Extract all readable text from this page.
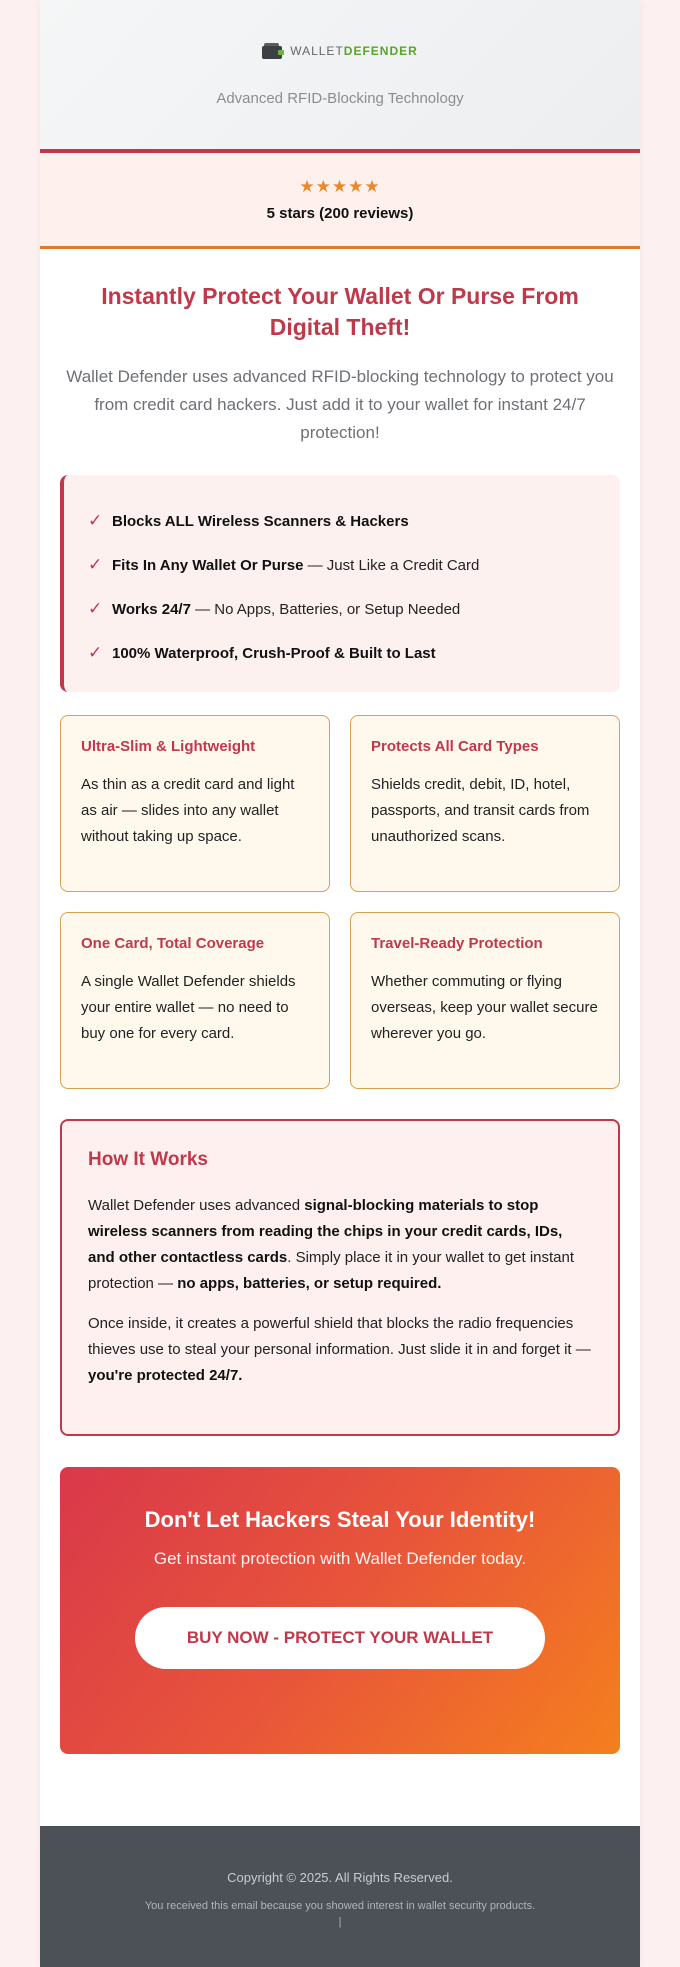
WALLETDEFENDER
Advanced RFID-Blocking Technology
★★★★★
5 stars (200 reviews)
Instantly Protect Your Wallet Or Purse From Digital Theft!
Wallet Defender uses advanced RFID-blocking technology to protect you from credit card hackers. Just add it to your wallet for instant 24/7 protection!
✓ Blocks ALL Wireless Scanners & Hackers
✓ Fits In Any Wallet Or Purse — Just Like a Credit Card
✓ Works 24/7 — No Apps, Batteries, or Setup Needed
✓ 100% Waterproof, Crush-Proof & Built to Last
Ultra-Slim & Lightweight
As thin as a credit card and light as air — slides into any wallet without taking up space.
Protects All Card Types
Shields credit, debit, ID, hotel, passports, and transit cards from unauthorized scans.
One Card, Total Coverage
A single Wallet Defender shields your entire wallet — no need to buy one for every card.
Travel-Ready Protection
Whether commuting or flying overseas, keep your wallet secure wherever you go.
How It Works

Wallet Defender uses advanced signal-blocking materials to stop wireless scanners from reading the chips in your credit cards, IDs, and other contactless cards. Simply place it in your wallet to get instant protection — no apps, batteries, or setup required.

Once inside, it creates a powerful shield that blocks the radio frequencies thieves use to steal your personal information. Just slide it in and forget it — you're protected 24/7.

Don't Let Hackers Steal Your Identity!
Get instant protection with Wallet Defender today.
BUY NOW - PROTECT YOUR WALLET
Copyright © 2025. All Rights Reserved.
You received this email because you showed interest in wallet security products.
|
